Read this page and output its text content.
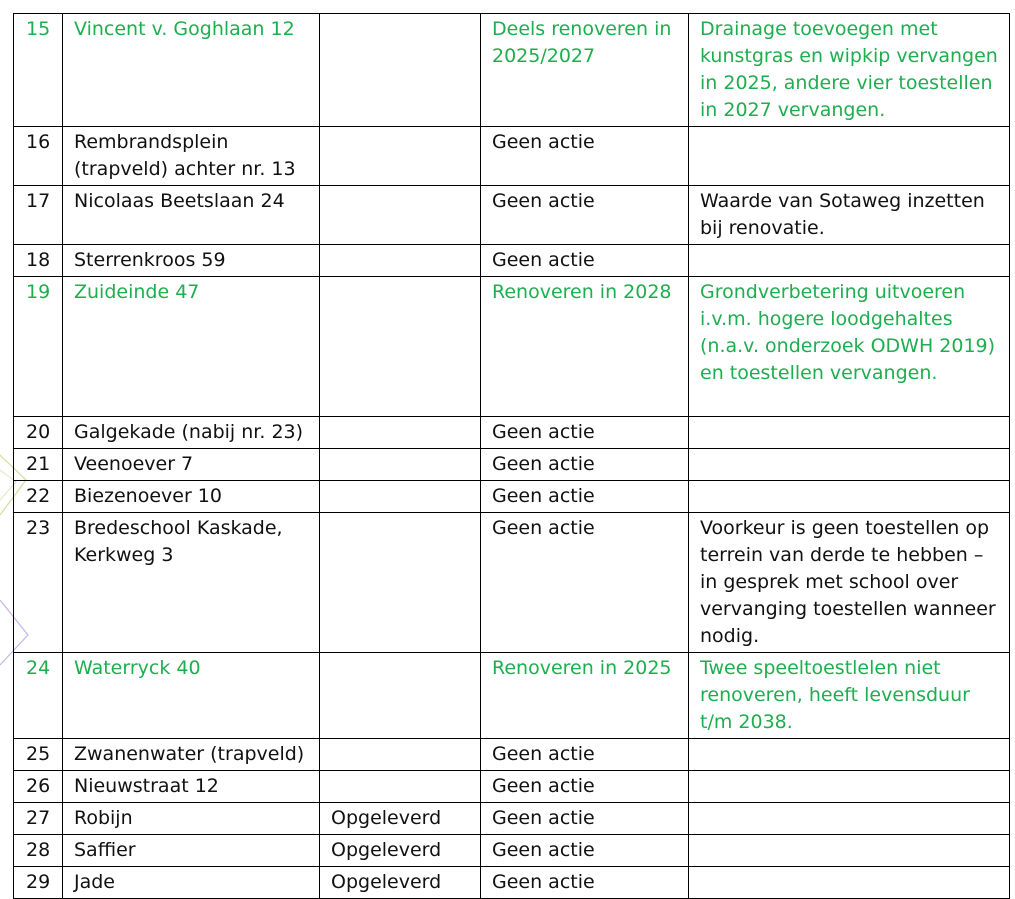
15	Vincent v. Goghlaan 12		Deels renoveren in 2025/2027	Drainage toevoegen met kunstgras en wipkip vervangen in 2025, andere vier toestellen in 2027 vervangen.
16	Rembrandsplein (trapveld) achter nr. 13		Geen actie	
17	Nicolaas Beetslaan 24		Geen actie	Waarde van Sotaweg inzetten bij renovatie.
18	Sterrenkroos 59		Geen actie	
19	Zuideinde 47		Renoveren in 2028	Grondverbetering uitvoeren i.v.m. hogere loodgehaltes (n.a.v. onderzoek ODWH 2019) en toestellen vervangen.
20	Galgekade (nabij nr. 23)		Geen actie	
21	Veenoever 7		Geen actie	
22	Biezenoever 10		Geen actie	
23	Bredeschool Kaskade, Kerkweg 3		Geen actie	Voorkeur is geen toestellen op terrein van derde te hebben – in gesprek met school over vervanging toestellen wanneer nodig.
24	Waterryck 40		Renoveren in 2025	Twee speeltoestlelen niet renoveren, heeft levensduur t/m 2038.
25	Zwanenwater (trapveld)		Geen actie	
26	Nieuwstraat 12		Geen actie	
27	Robijn	Opgeleverd	Geen actie	
28	Saffier	Opgeleverd	Geen actie	
29	Jade	Opgeleverd	Geen actie	
